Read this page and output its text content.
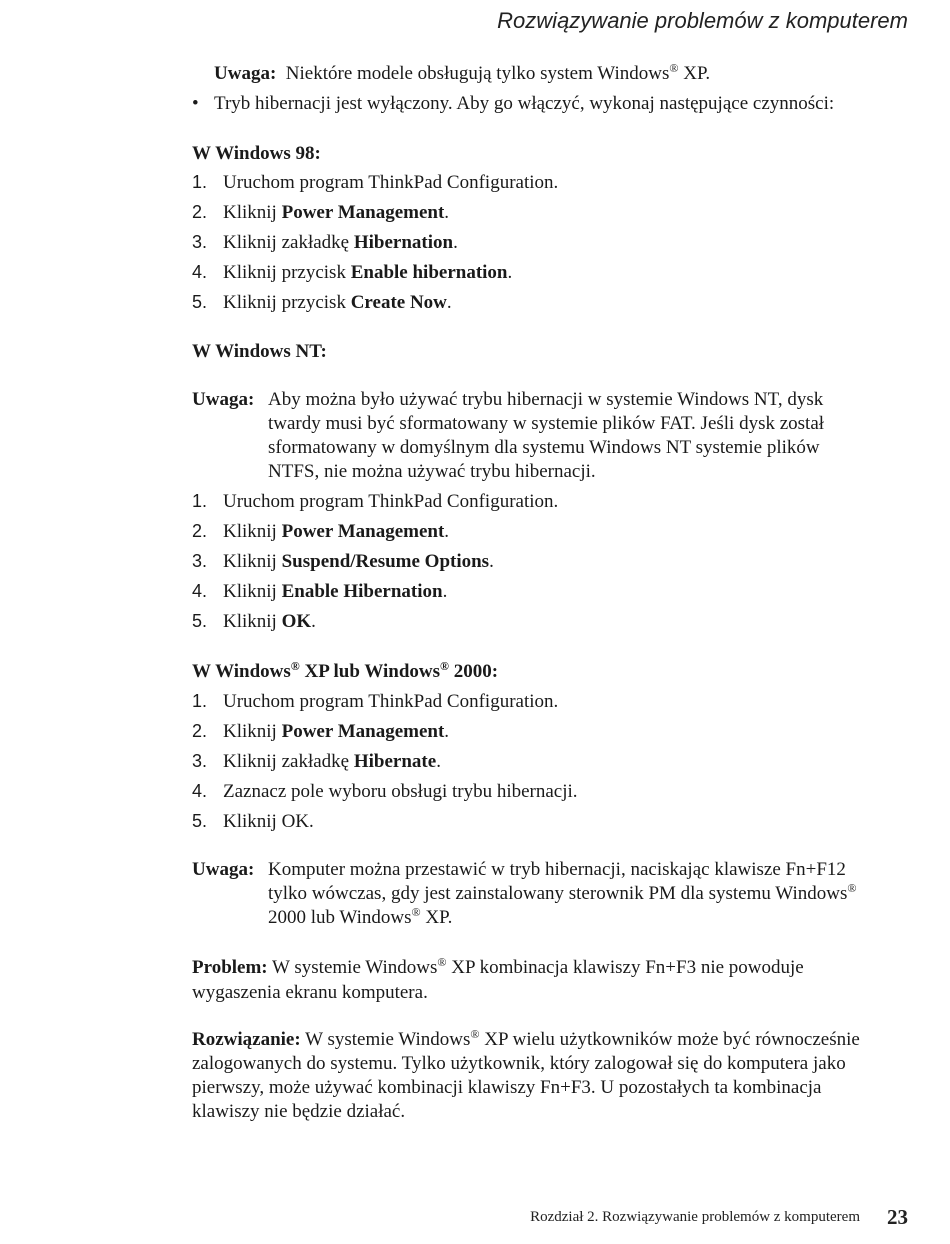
Rozwiązywanie problemów z komputerem
Uwaga: Niektóre modele obsługują tylko system Windows® XP.
• Tryb hibernacji jest wyłączony. Aby go włączyć, wykonaj następujące czynności:
W Windows 98:
1. Uruchom program ThinkPad Configuration.
2. Kliknij Power Management.
3. Kliknij zakładkę Hibernation.
4. Kliknij przycisk Enable hibernation.
5. Kliknij przycisk Create Now.
W Windows NT:
Uwaga: Aby można było używać trybu hibernacji w systemie Windows NT, dysk
twardy musi być sformatowany w systemie plików FAT. Jeśli dysk został
sformatowany w domyślnym dla systemu Windows NT systemie plików
NTFS, nie można używać trybu hibernacji.
1. Uruchom program ThinkPad Configuration.
2. Kliknij Power Management.
3. Kliknij Suspend/Resume Options.
4. Kliknij Enable Hibernation.
5. Kliknij OK.
W Windows® XP lub Windows® 2000:
1. Uruchom program ThinkPad Configuration.
2. Kliknij Power Management.
3. Kliknij zakładkę Hibernate.
4. Zaznacz pole wyboru obsługi trybu hibernacji.
5. Kliknij OK.
Uwaga: Komputer można przestawić w tryb hibernacji, naciskając klawisze Fn+F12
tylko wówczas, gdy jest zainstalowany sterownik PM dla systemu Windows®
2000 lub Windows® XP.
Problem: W systemie Windows® XP kombinacja klawiszy Fn+F3 nie powoduje
wygaszenia ekranu komputera.
Rozwiązanie: W systemie Windows® XP wielu użytkowników może być równocześnie
zalogowanych do systemu. Tylko użytkownik, który zalogował się do komputera jako
pierwszy, może używać kombinacji klawiszy Fn+F3. U pozostałych ta kombinacja
klawiszy nie będzie działać.
Rozdział 2. Rozwiązywanie problemów z komputerem 23
